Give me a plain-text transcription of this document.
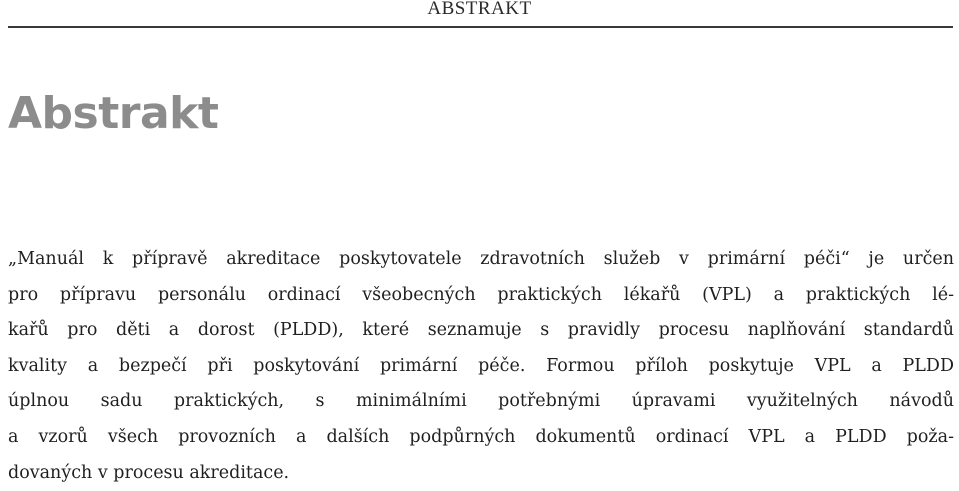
ABSTRAKT
Abstrakt
„Manuál k přípravě akreditace poskytovatele zdravotních služeb v primární péči“ je určen
pro přípravu personálu ordinací všeobecných praktických lékařů (VPL) a praktických lé-
kařů pro děti a dorost (PLDD), které seznamuje s pravidly procesu naplňování standardů
kvality a bezpečí při poskytování primární péče. Formou příloh poskytuje VPL a PLDD
úplnou sadu praktických, s minimálními potřebnými úpravami využitelných návodů
a vzorů všech provozních a dalších podpůrných dokumentů ordinací VPL a PLDD poža-
dovaných v procesu akreditace.
